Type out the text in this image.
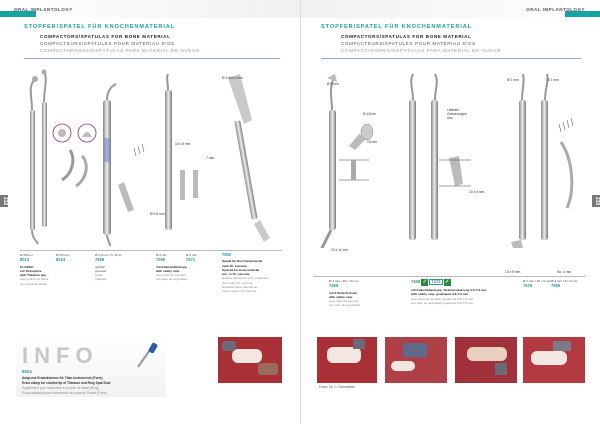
ORAL IMPLANTOLOGY
STOPFER/SPATEL FÜR KNOCHENMATERIAL
COMPACTORS/SPATULAS FOR BONE MATERIAL
COMPACTEURS/SPATULES POUR MATÉRIAU D'OS
COMPACTADORES/ESPÁTULAS PARA MATERIAL DE HUESO
232
Ø 3 mm 4 mm
15 x 8 mm
7 mm
Ø 0.6 mm
Ø 3/5mm
8013
CLASSIC
mit Titanspitze
with Titanium tips
avec pointe de titane
con punta de titanio
Ø 4/5 mm
8014
Ø 2,6 mm / 5, 3mm
7289
geriffelt
grooved
gravé
grabado
Ø 3 mm
7290
mit Kükenfaltenkopp
with safety stop
avec arrêt de sécurité
con tope de seguridad
Ø 4 mm
7471
7592
Spatel für Knochenmaterial
nach Dr. Laconte
Spatula for bone material
acc. to Dr. Laconte
Spatule d'insertion pour matériaux
d'os selon Dr. Laconte
Espátula para material de
hueso según Dr. Laconte
INFO
9624
Aufgrund Ersatzklemme für Titan-Instrumente (Form)
Extra clamp for cradled tip of Titanium and Ring Spat Stud
Supplément pour instrument en pointe de titane (Ring)
Pinza adicional para instrumento de punta de Titanio (Form)
ORAL IMPLANTOLOGY
STOPFER/SPATEL FÜR KNOCHENMATERIAL
COMPACTORS/SPATULAS FOR BONE MATERIAL
COMPACTEURS/SPATULES POUR MATÉRIAU D'OS
COMPACTADORES/ESPÁTULAS PARA MATERIAL DE HUESO
233
Ø 3 mm
Ø 12mm
18 mm
Ø 2 mm	Ø 2 mm
Laterale Gravierungen mm
10 x 6 mm
15 x 11 mm
13 x 9 mm	No. 4 mm
Ø 3 mm / 15 x 10 mm
7469
mit 3 Kieferfortsatz
with safety stop
avec arrêt de sécurité
con tope de seguridad
7468 ✓ 7472 ✓
mit Kükenfaltenkopp, Tiefenmarkierung 3-6-7-9 mm
with safety stop, graduated 3-6-7-9 mm
avec arrêt de sécurité, gradué de 3-6-7-9 mm
con tope de seguridad, graduado 3-6-7-9 mm
Ø 2 mm / 15 x 9 mm
7576
Ø 3 mm / 8 x 6 mm
7586
Fotos: Dr. D. Schmiedek
